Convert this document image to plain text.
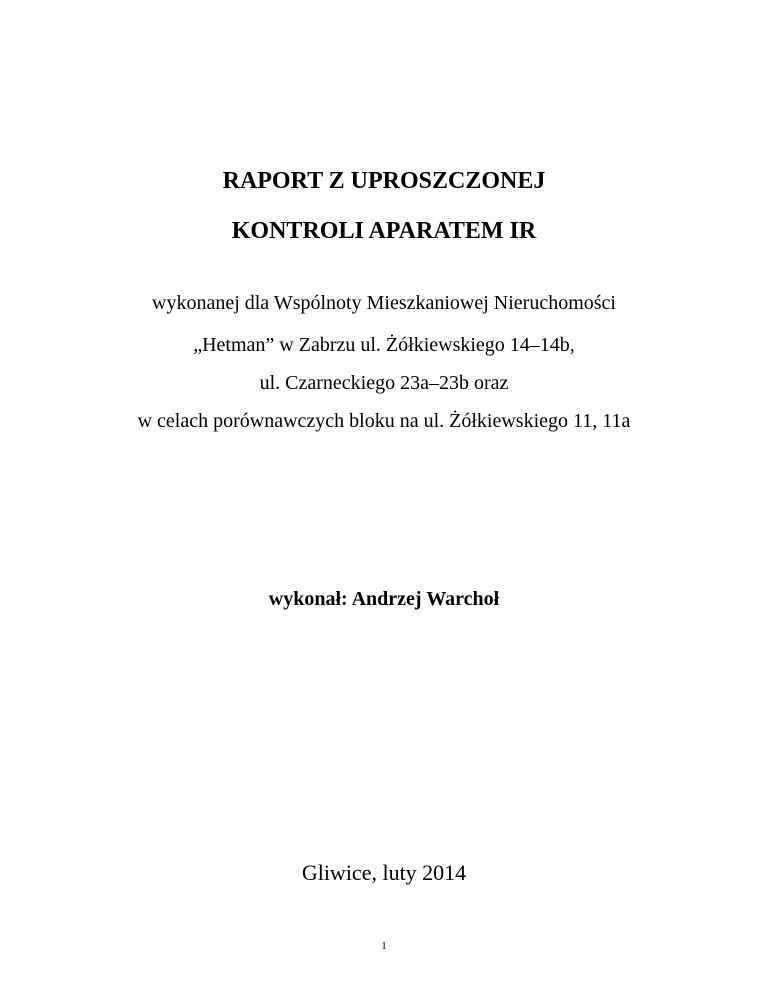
RAPORT Z UPROSZCZONEJ
KONTROLI APARATEM IR
wykonanej dla Wspólnoty Mieszkaniowej Nieruchomości
„Hetman” w Zabrzu ul. Żółkiewskiego 14–14b,
ul. Czarneckiego 23a–23b oraz
w celach porównawczych bloku na ul. Żółkiewskiego 11, 11a
wykonał: Andrzej Warchoł
Gliwice, luty 2014
1
